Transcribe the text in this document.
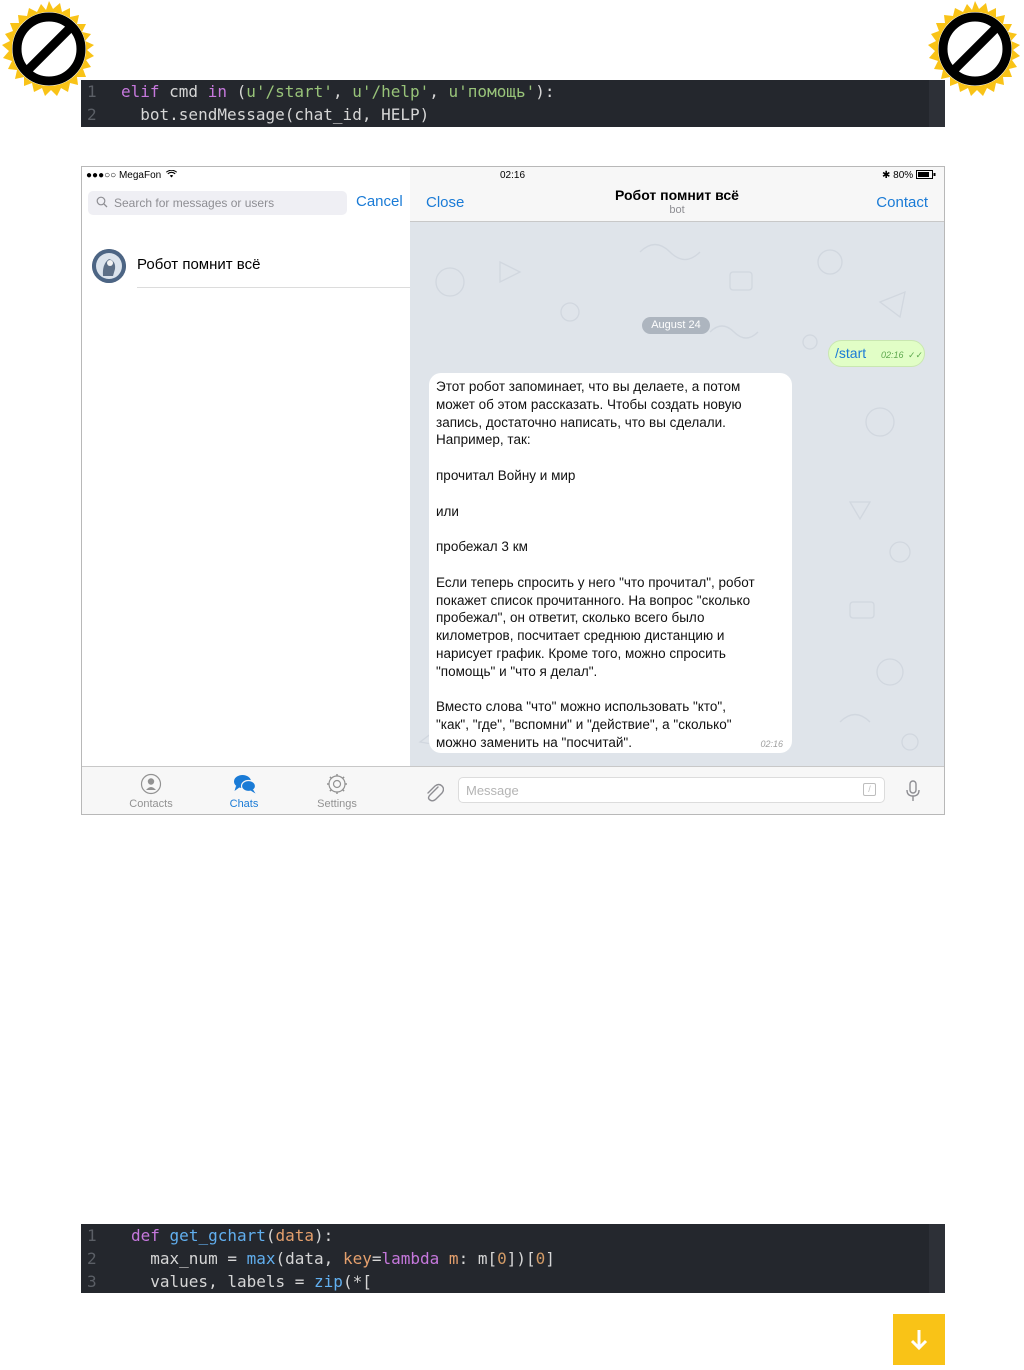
1	elif cmd in (u'/start', u'/help', u'помощь'):
2	bot.sendMessage(chat_id, HELP)
●●●○○ MegaFon
Search for messages or users
Cancel
Робот помнит всё
Contacts	Chats	Settings
02:16	✱ 80%
Close	Робот помнит всё
bot	Contact
August 24
/start 02:16 ✓✓
Этот робот запоминает, что вы делаете, а потом
может об этом рассказать. Чтобы создать новую
запись, достаточно написать, что вы сделали.
Например, так:

прочитал Войну и мир

или

пробежал 3 км

Если теперь спросить у него "что прочитал", робот
покажет список прочитанного. На вопрос "сколько
пробежал", он ответит, сколько всего было
километров, посчитает среднюю дистанцию и
нарисует график. Кроме того, можно спросить
"помощь" и "что я делал".

Вместо слова "что" можно использовать "кто",
"как", "где", "вспомни" и "действие", а "сколько"
можно заменить на "посчитай".	02:16
Message
/
1	def get_gchart(data):
2	max_num = max(data, key=lambda m: m[0])[0]
3	values, labels = zip(*[
